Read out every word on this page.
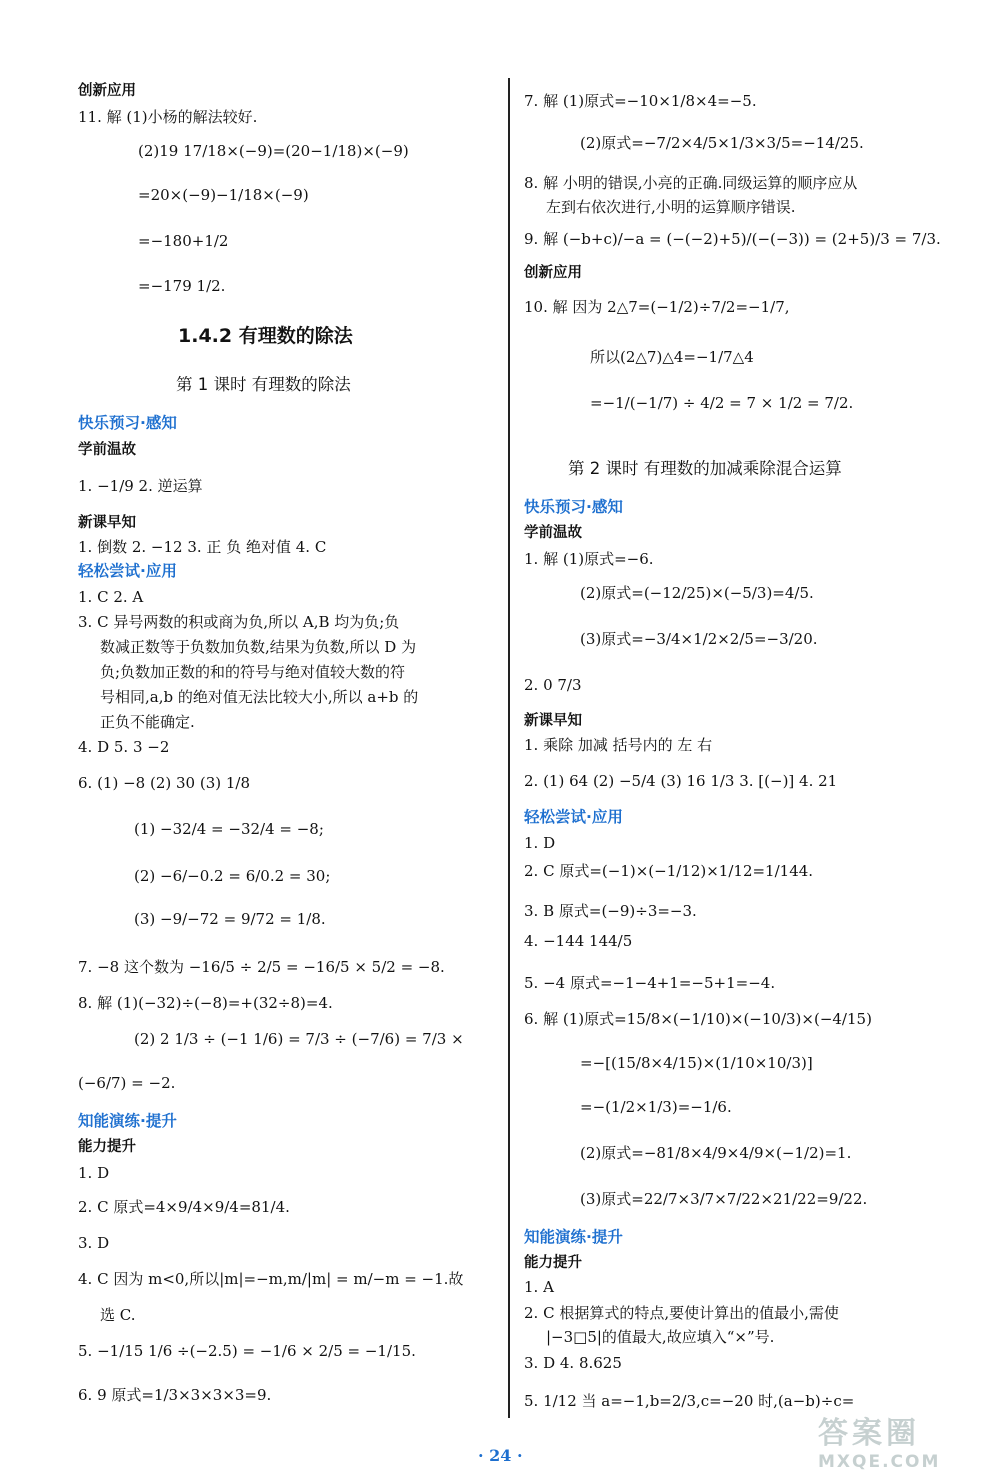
创新应用
11. 解 (1)小杨的解法较好.
(2)19 17/18×(−9)=(20−1/18)×(−9)
=20×(−9)−1/18×(−9)
=−180+1/2
=−179 1/2.
1.4.2 有理数的除法
第 1 课时 有理数的除法
快乐预习·感知
学前温故
1. −1/9 2. 逆运算
新课早知
1. 倒数 2. −12 3. 正 负 绝对值 4. C
轻松尝试·应用
1. C 2. A
3. C 异号两数的积或商为负,所以 A,B 均为负;负
数减正数等于负数加负数,结果为负数,所以 D 为
负;负数加正数的和的符号与绝对值较大数的符
号相同,a,b 的绝对值无法比较大小,所以 a+b 的
正负不能确定.
4. D 5. 3 −2
6. (1) −8 (2) 30 (3) 1/8
(1) −32/4 = −32/4 = −8;
(2) −6/−0.2 = 6/0.2 = 30;
(3) −9/−72 = 9/72 = 1/8.
7. −8 这个数为 −16/5 ÷ 2/5 = −16/5 × 5/2 = −8.
8. 解 (1)(−32)÷(−8)=+(32÷8)=4.
(2) 2 1/3 ÷ (−1 1/6) = 7/3 ÷ (−7/6) = 7/3 ×
(−6/7) = −2.
知能演练·提升
能力提升
1. D
2. C 原式=4×9/4×9/4=81/4.
3. D
4. C 因为 m<0,所以|m|=−m,m/|m| = m/−m = −1.故
选 C.
5. −1/15 1/6 ÷(−2.5) = −1/6 × 2/5 = −1/15.
6. 9 原式=1/3×3×3×3=9.
7. 解 (1)原式=−10×1/8×4=−5.
(2)原式=−7/2×4/5×1/3×3/5=−14/25.
8. 解 小明的错误,小亮的正确.同级运算的顺序应从
左到右依次进行,小明的运算顺序错误.
9. 解 (−b+c)/−a = (−(−2)+5)/(−(−3)) = (2+5)/3 = 7/3.
创新应用
10. 解 因为 2△7=(−1/2)÷7/2=−1/7,
所以(2△7)△4=−1/7△4
=−1/(−1/7) ÷ 4/2 = 7 × 1/2 = 7/2.
第 2 课时 有理数的加减乘除混合运算
快乐预习·感知
学前温故
1. 解 (1)原式=−6.
(2)原式=(−12/25)×(−5/3)=4/5.
(3)原式=−3/4×1/2×2/5=−3/20.
2. 0 7/3
新课早知
1. 乘除 加减 括号内的 左 右
2. (1) 64 (2) −5/4 (3) 16 1/3 3. [(−)] 4. 21
轻松尝试·应用
1. D
2. C 原式=(−1)×(−1/12)×1/12=1/144.
3. B 原式=(−9)÷3=−3.
4. −144 144/5
5. −4 原式=−1−4+1=−5+1=−4.
6. 解 (1)原式=15/8×(−1/10)×(−10/3)×(−4/15)
=−[(15/8×4/15)×(1/10×10/3)]
=−(1/2×1/3)=−1/6.
(2)原式=−81/8×4/9×4/9×(−1/2)=1.
(3)原式=22/7×3/7×7/22×21/22=9/22.
知能演练·提升
能力提升
1. A
2. C 根据算式的特点,要使计算出的值最小,需使
|−3□5|的值最大,故应填入“×”号.
3. D 4. 8.625
5. 1/12 当 a=−1,b=2/3,c=−20 时,(a−b)÷c=
· 24 ·
答案圈
MXQE.COM
